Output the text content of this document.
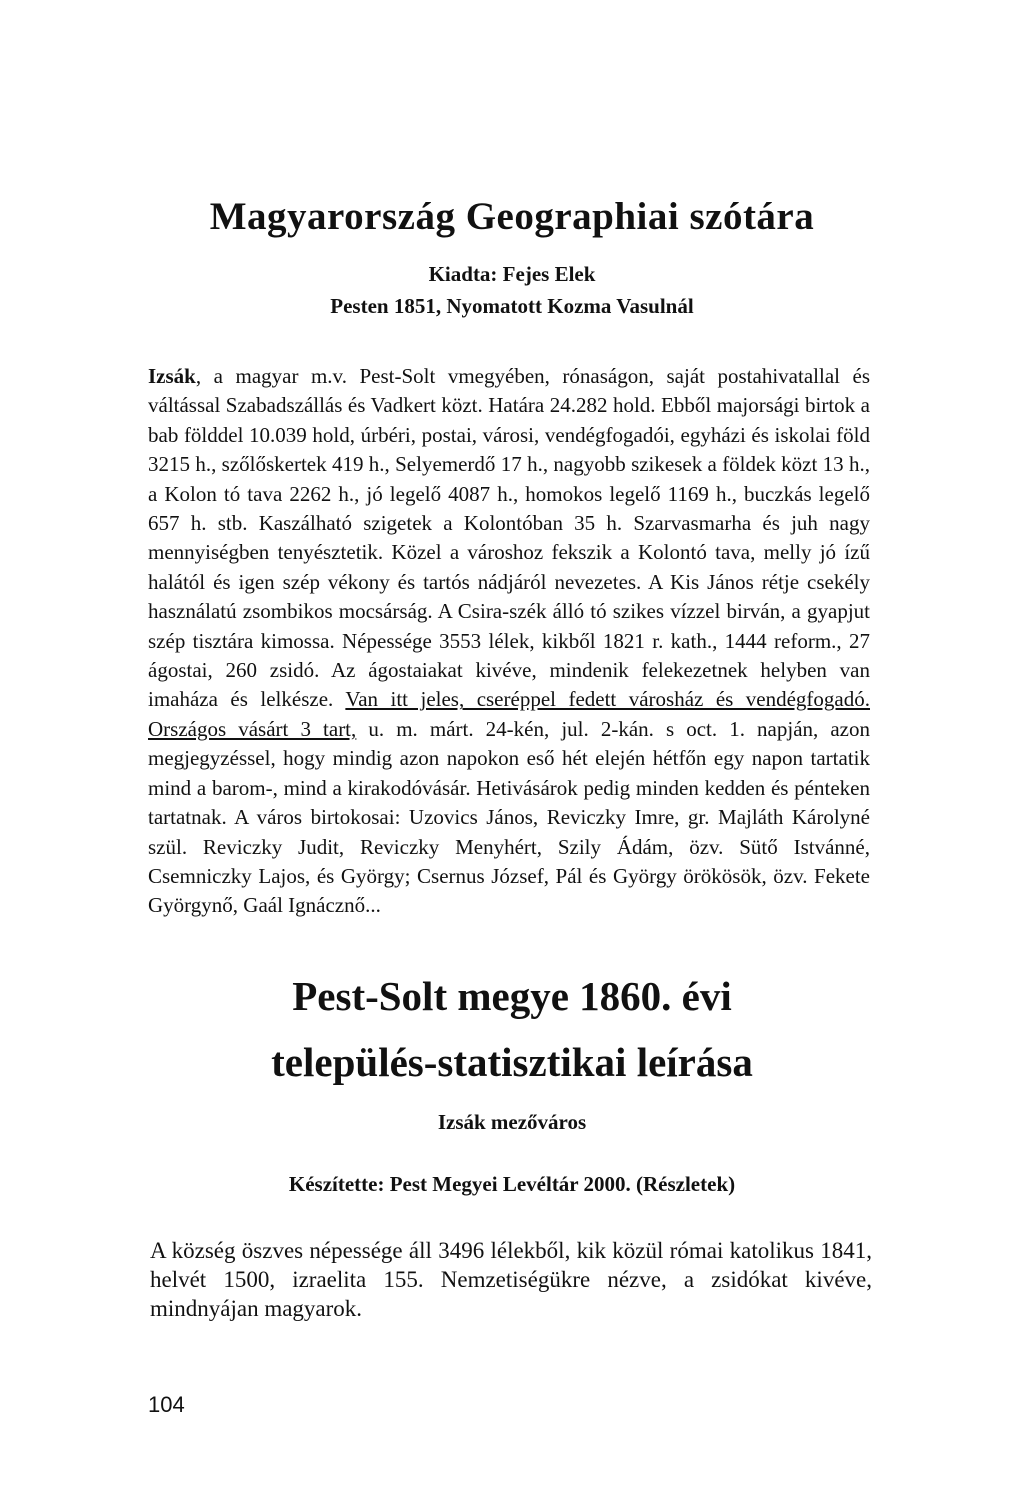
Magyarország Geographiai szótára

Kiadta: Fejes Elek

Pesten 1851, Nyomatott Kozma Vasulnál

Izsák, a magyar m.v. Pest-Solt vmegyében, rónaságon, saját postahivatallal és váltással Szabadszállás és Vadkert közt. Határa 24.282 hold. Ebből majorsági birtok a bab földdel 10.039 hold, úrbéri, postai, városi, vendégfogadói, egyházi és iskolai föld 3215 h., szőlőskertek 419 h., Selyemerdő 17 h., nagyobb szikesek a földek közt 13 h., a Kolon tó tava 2262 h., jó legelő 4087 h., homokos legelő 1169 h., buczkás legelő 657 h. stb. Kaszálható szigetek a Kolontóban 35 h. Szarvasmarha és juh nagy mennyiségben tenyésztetik. Közel a városhoz fekszik a Kolontó tava, melly jó ízű halától és igen szép vékony és tartós nádjáról nevezetes. A Kis János rétje csekély használatú zsombikos mocsárság. A Csira-szék álló tó szikes vízzel birván, a gyapjut szép tisztára kimossa. Népessége 3553 lélek, kikből 1821 r. kath., 1444 reform., 27 ágostai, 260 zsidó. Az ágostaiakat kivéve, mindenik felekezetnek helyben van imaháza és lelkésze. Van itt jeles, cseréppel fedett városház és vendégfogadó. Országos vásárt 3 tart, u. m. márt. 24-kén, jul. 2-kán. s oct. 1. napján, azon megjegyzéssel, hogy mindig azon napokon eső hét elején hétfőn egy napon tartatik mind a barom-, mind a kirakodóvásár. Hetivásárok pedig minden kedden és pénteken tartatnak. A város birtokosai: Uzovics János, Reviczky Imre, gr. Majláth Károlyné szül. Reviczky Judit, Reviczky Menyhért, Szily Ádám, özv. Sütő Istvánné, Csemniczky Lajos, és György; Csernus József, Pál és György örökösök, özv. Fekete Györgynő, Gaál Ignácznő...

Pest-Solt megye 1860. évi
település-statisztikai leírása
Izsák mezőváros
Készítette: Pest Megyei Levéltár 2000. (Részletek)

A község öszves népessége áll 3496 lélekből, kik közül római katolikus 1841, helvét 1500, izraelita 155. Nemzetiségükre nézve, a zsidókat kivéve, mindnyájan magyarok.

104
